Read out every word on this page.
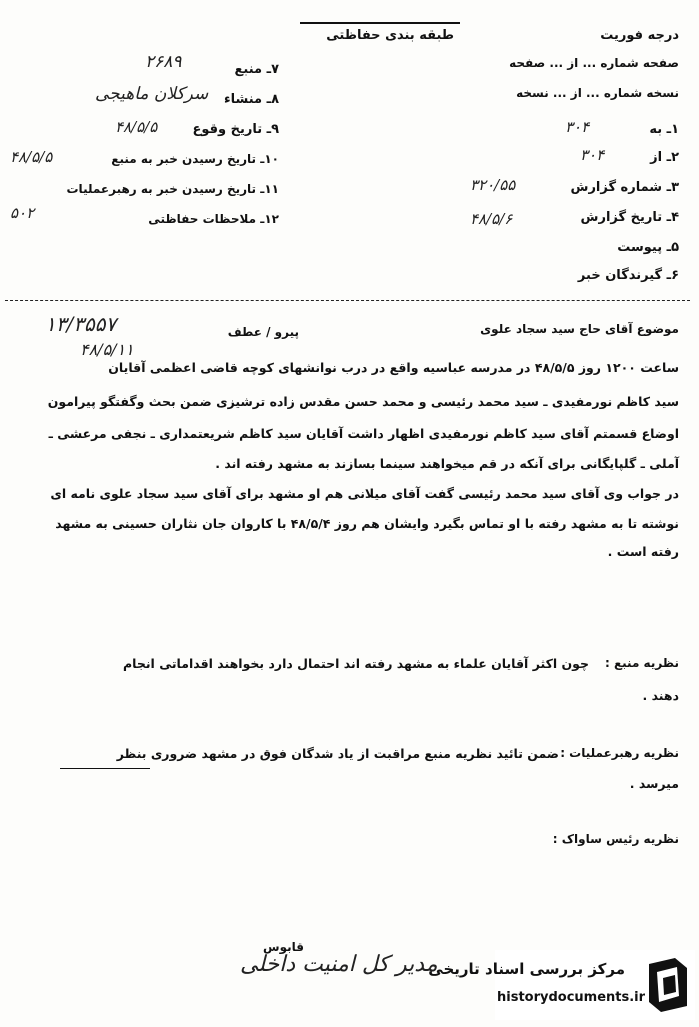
درجه فوریت
طبقه بندی حفاظتی
صفحه شماره ... از ... صفحه
نسخه شماره ... از ... نسخه
۱ـ به
۲ـ از
۳ـ شماره گزارش
۴ـ تاریخ گزارش
۵ـ پیوست
۶ـ گیرندگان خبر
۳۰۴
۳۰۴
۳۲۰/۵۵
۴۸/۵/۶
۷ـ منبع
۸ـ منشاء
۹ـ تاریخ وقوع
۱۰ـ تاریخ رسیدن خبر به منبع
۱۱ـ تاریخ رسیدن خبر به رهبرعملیات
۱۲ـ ملاحظات حفاظتی
۲۶۸۹
سرکلان ماهیجی
۴۸/۵/۵
۴۸/۵/۵
۵۰۲
موضوع آقای حاج سید سجاد علوی
پیرو / عطف
۱۳/۳۵۵۷
۴۸/۵/۱۱
ساعت ۱۲۰۰ روز ۴۸/۵/۵ در مدرسه عباسیه واقع در درب نوانشهای کوچه قاضی اعظمی آقایان
سید کاظم نورمفیدی ـ سید محمد رئیسی و محمد حسن مقدس زاده ترشیزی ضمن بحث وگفتگو پیرامون
اوضاع قسمتم آقای سید کاظم نورمفیدی اظهار داشت آقایان سید کاظم شریعتمداری ـ نجفی مرعشی ـ
آملی ـ گلپایگانی برای آنکه در قم میخواهند سینما بسازند به مشهد رفته اند .
در جواب وی آقای سید محمد رئیسی گفت آقای میلانی هم او مشهد برای آقای سید سجاد علوی نامه ای
نوشته تا به مشهد رفته با او تماس بگیرد وایشان هم روز ۴۸/۵/۴ با کاروان جان نثاران حسینی به مشهد
رفته است .
نظریه منبع :
چون اکثر آقایان علماء به مشهد رفته اند احتمال دارد بخواهند اقداماتی انجام
دهند .
نظریه رهبرعملیات :
ضمن تائید نظریه منبع مراقبت از یاد شدگان فوق در مشهد ضروری بنظر
میرسد .
نظریه رئیس ساواک :
قابوس
مدیر کل امنیت داخلی
مرکز بررسی اسناد تاریخی
historydocuments.ir
